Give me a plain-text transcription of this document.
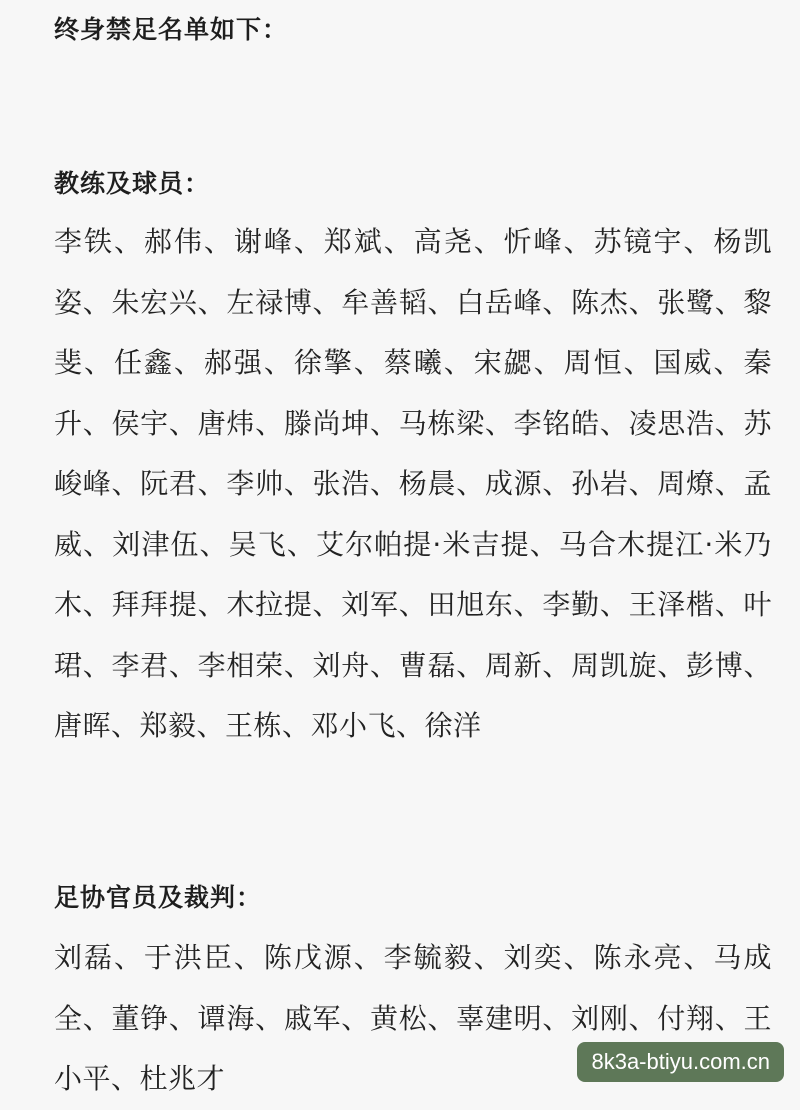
终身禁足名单如下：
教练及球员：

李铁、郝伟、谢峰、郑斌、高尧、忻峰、苏镜宇、杨凯姿、朱宏兴、左禄博、牟善韬、白岳峰、陈杰、张鹭、黎斐、任鑫、郝强、徐擎、蔡曦、宋勰、周恒、国威、秦升、侯宇、唐炜、滕尚坤、马栋梁、李铭皓、凌思浩、苏峻峰、阮君、李帅、张浩、杨晨、成源、孙岩、周燎、孟威、刘津伍、吴飞、艾尔帕提·米吉提、马合木提江·米乃木、拜拜提、木拉提、刘军、田旭东、李勤、王泽楷、叶珺、李君、李相荣、刘舟、曹磊、周新、周凯旋、彭博、唐晖、郑毅、王栋、邓小飞、徐洋

足协官员及裁判：

刘磊、于洪臣、陈戊源、李毓毅、刘奕、陈永亮、马成全、董铮、谭海、戚军、黄松、辜建明、刘刚、付翔、王小平、杜兆才

8k3a-btiyu.com.cn
